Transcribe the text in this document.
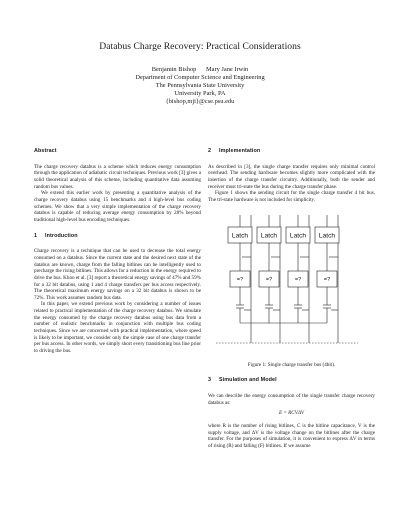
Databus Charge Recovery: Practical Considerations
Benjamin Bishop Mary Jane Irwin
Department of Computer Science and Engineering
The Pennsylvania State University
University Park, PA
{bishop,mji}@cse.psu.edu
Abstract

The charge recovery databus is a scheme which reduces energy consumption through the application of adiabatic circuit techniques. Previous work [3] gives a solid theoretical analysis of this scheme, including quantitative data assuming random bus values.

We extend this earlier work by presenting a quantitative analysis of the charge recovery databus using 15 benchmarks and 4 high-level bus coding schemes. We show that a very simple implementation of the charge recovery databus is capable of reducing average energy consumption by 28% beyond traditional high-level bus encoding techniques.

1 Introduction

Charge recovery is a technique that can be used to decrease the total energy consumed on a databus. Since the current state and the desired next state of the databus are known, charge from the falling bitlines can be intelligently used to precharge the rising bitlines. This allows for a reduction in the energy required to drive the bus. Khoo et al. [3] report a theoretical energy savings of 47% and 59% for a 32 bit databus, using 1 and 4 charge transfers per bus access respectively. The theoretical maximum energy savings on a 32 bit databus is shown to be 72%. This work assumes random bus data.

In this paper, we extend previous work by considering a number of issues related to practical implementation of the charge recovery databus. We simulate the energy consumed by the charge recovery databus using bus data from a number of realistic benchmarks in conjunction with multiple bus coding techniques. Since we are concerned with practical implementation, where speed is likely to be important, we consider only the simple case of one charge transfer per bus access. In other words, we simply short every transitioning bus line prior to driving the bus.

2 Implementation

As described in [3], the single charge transfer requires only minimal control overhead. The sending hardware becomes slightly more complicated with the insertion of the charge transfer circuitry. Additionally, both the sender and receiver must tri-state the bus during the charge transfer phase.

Figure 1 shows the sending circuit for the single charge transfer 4 bit bus. The tri-state hardware is not included for simplicity.

Latch Latch Latch Latch
=?	=?	=?	=?
Figure 1: Single charge transfer bus (4bit).
3 Simulation and Model

We can describe the energy consumption of the single transfer charge recovery databus as:

E = RCVΔV

where R is the number of rising bitlines, C is the bitline capacitance, V is the supply voltage, and ΔV is the voltage change on the bitlines after the charge transfer. For the purposes of simulation, it is convenient to express ΔV in terms of rising (R) and falling (F) bitlines. If we assume
